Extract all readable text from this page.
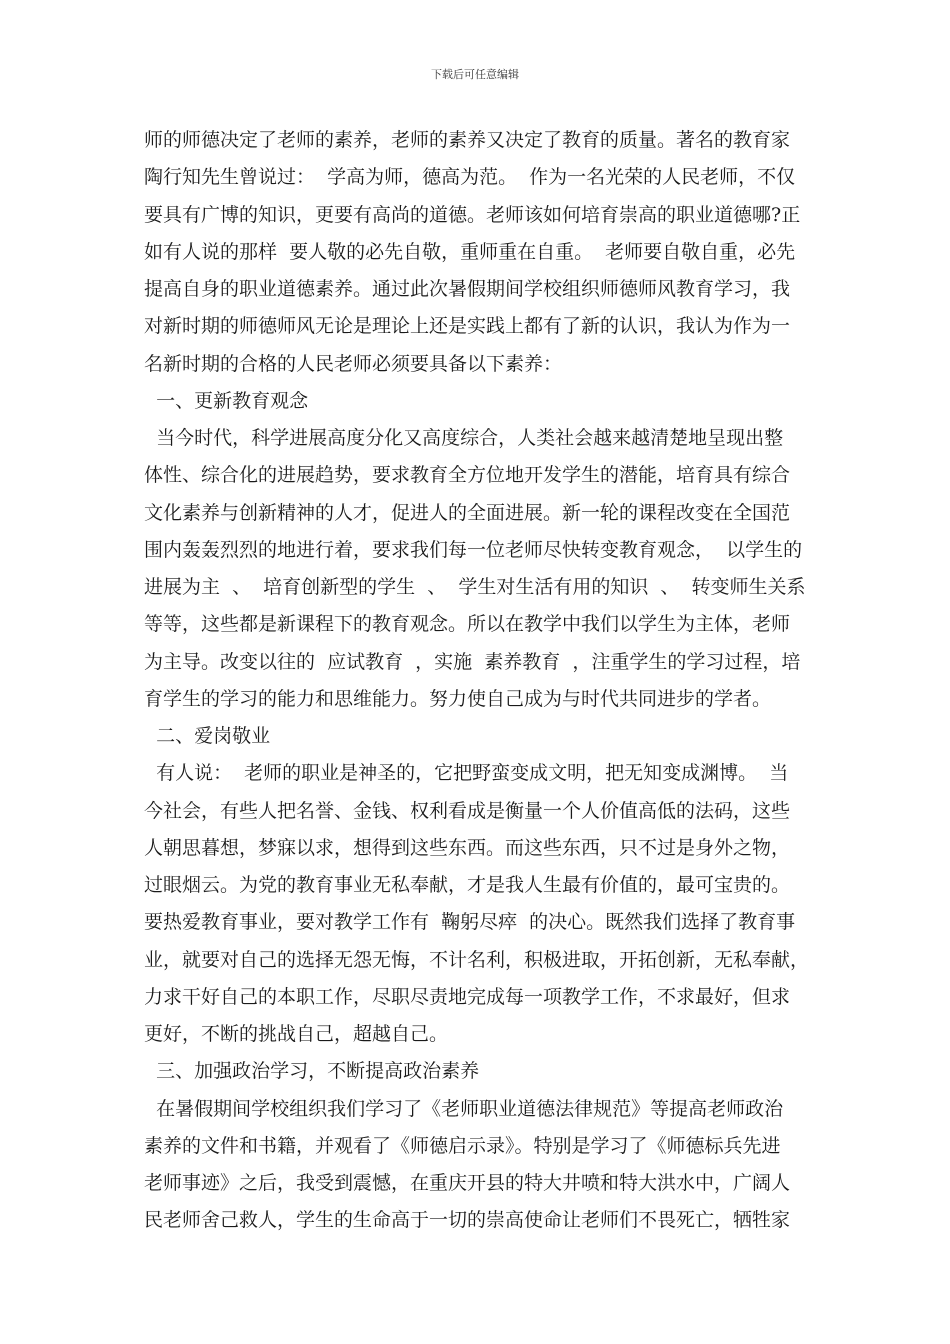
下载后可任意编辑
师的师德决定了老师的素养，老师的素养又决定了教育的质量。著名的教育家
陶行知先生曾说过：  学高为师，德高为范。  作为一名光荣的人民老师，不仅
要具有广博的知识，更要有高尚的道德。老师该如何培育崇高的职业道德哪?正
如有人说的那样  要人敬的必先自敬，重师重在自重。  老师要自敬自重，必先
提高自身的职业道德素养。通过此次暑假期间学校组织师德师风教育学习，我
对新时期的师德师风无论是理论上还是实践上都有了新的认识，我认为作为一
名新时期的合格的人民老师必须要具备以下素养：
一、更新教育观念
当今时代，科学进展高度分化又高度综合，人类社会越来越清楚地呈现出整
体性、综合化的进展趋势，要求教育全方位地开发学生的潜能，培育具有综合
文化素养与创新精神的人才，促进人的全面进展。新一轮的课程改变在全国范
围内轰轰烈烈的地进行着，要求我们每一位老师尽快转变教育观念，  以学生的
进展为主  、  培育创新型的学生  、  学生对生活有用的知识  、  转变师生关系
等等，这些都是新课程下的教育观念。所以在教学中我们以学生为主体，老师
为主导。改变以往的  应试教育  ，实施  素养教育  ，注重学生的学习过程，培
育学生的学习的能力和思维能力。努力使自己成为与时代共同进步的学者。
二、爱岗敬业
有人说：  老师的职业是神圣的，它把野蛮变成文明，把无知变成渊博。  当
今社会，有些人把名誉、金钱、权利看成是衡量一个人价值高低的法码，这些
人朝思暮想，梦寐以求，想得到这些东西。而这些东西，只不过是身外之物，
过眼烟云。为党的教育事业无私奉献，才是我人生最有价值的，最可宝贵的。
要热爱教育事业，要对教学工作有  鞠躬尽瘁  的决心。既然我们选择了教育事
业，就要对自己的选择无怨无悔，不计名利，积极进取，开拓创新，无私奉献，
力求干好自己的本职工作，尽职尽责地完成每一项教学工作，不求最好，但求
更好，不断的挑战自己，超越自己。
三、加强政治学习，不断提高政治素养
在暑假期间学校组织我们学习了《老师职业道德法律规范》等提高老师政治
素养的文件和书籍，并观看了《师德启示录》。特别是学习了《师德标兵先进
老师事迹》之后，我受到震憾，在重庆开县的特大井喷和特大洪水中，广阔人
民老师舍己救人，学生的生命高于一切的崇高使命让老师们不畏死亡，牺牲家
